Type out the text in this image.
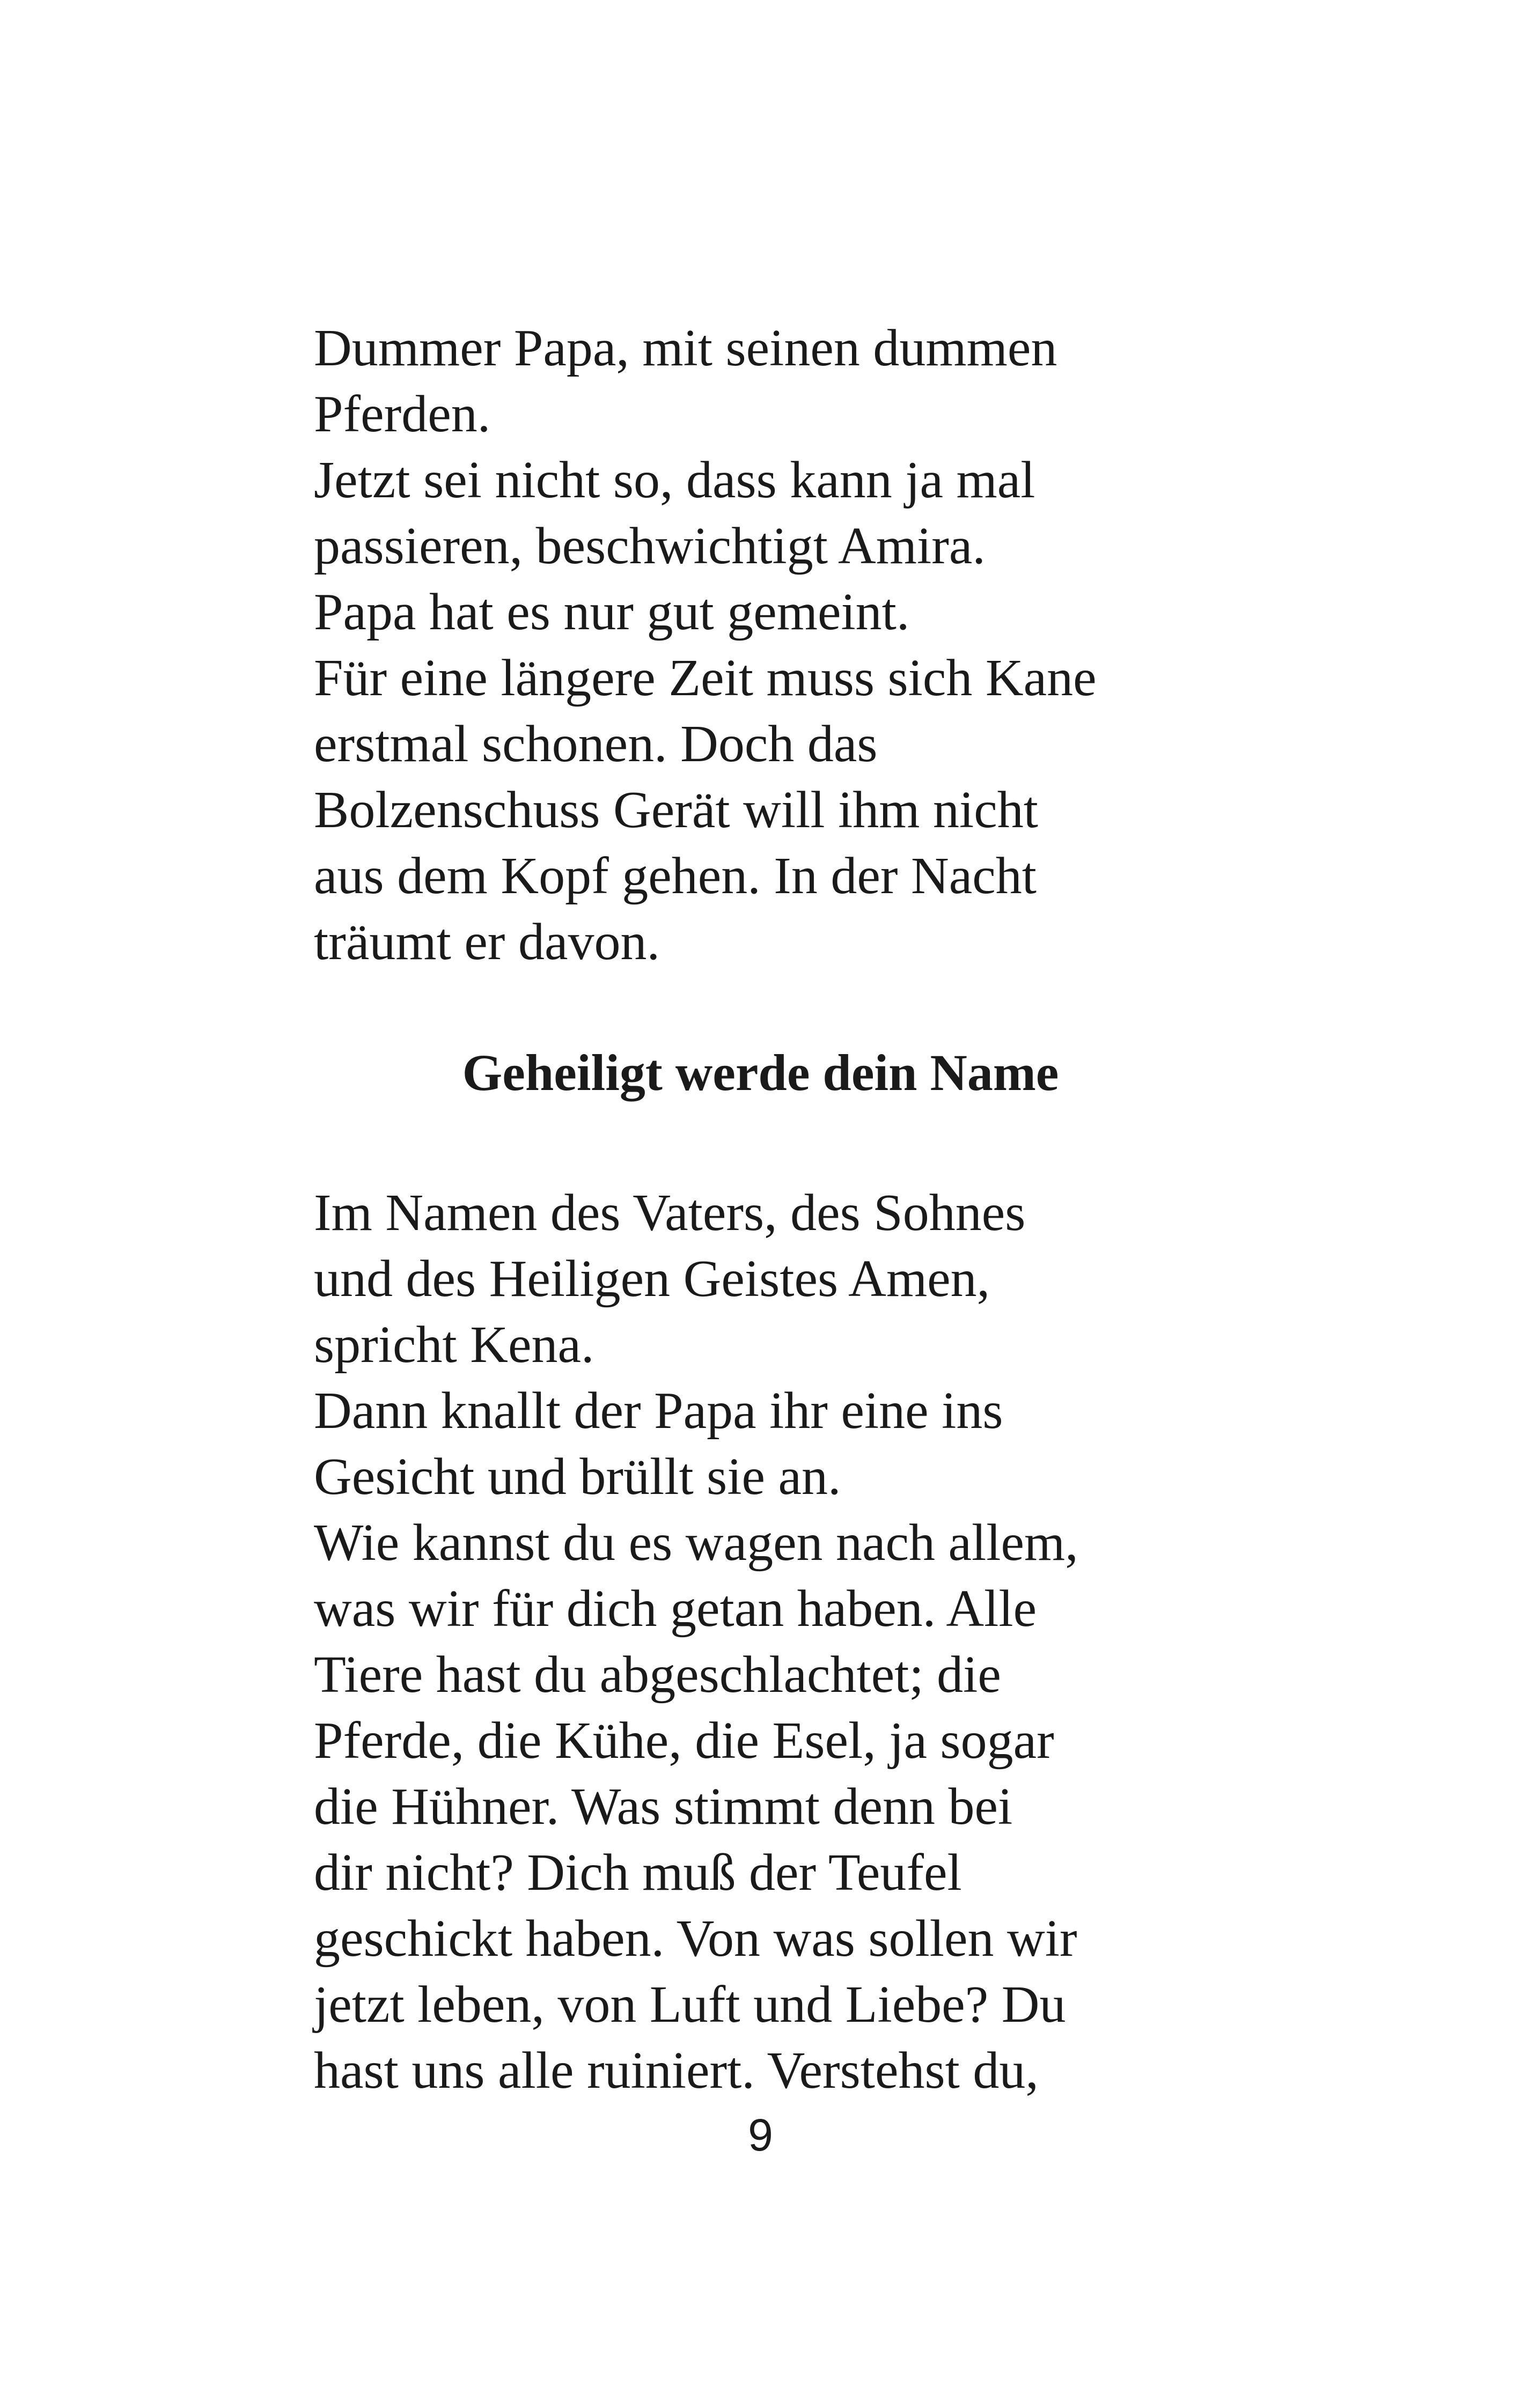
Dummer Papa, mit seinen dummen
Pferden.
Jetzt sei nicht so, dass kann ja mal
passieren, beschwichtigt Amira.
Papa hat es nur gut gemeint.
Für eine längere Zeit muss sich Kane
erstmal schonen. Doch das
Bolzenschuss Gerät will ihm nicht
aus dem Kopf gehen. In der Nacht
träumt er davon.
Geheiligt werde dein Name
Im Namen des Vaters, des Sohnes
und des Heiligen Geistes Amen,
spricht Kena.
Dann knallt der Papa ihr eine ins
Gesicht und brüllt sie an.
Wie kannst du es wagen nach allem,
was wir für dich getan haben. Alle
Tiere hast du abgeschlachtet; die
Pferde, die Kühe, die Esel, ja sogar
die Hühner. Was stimmt denn bei
dir nicht? Dich muß der Teufel
geschickt haben. Von was sollen wir
jetzt leben, von Luft und Liebe? Du
hast uns alle ruiniert. Verstehst du,
9
